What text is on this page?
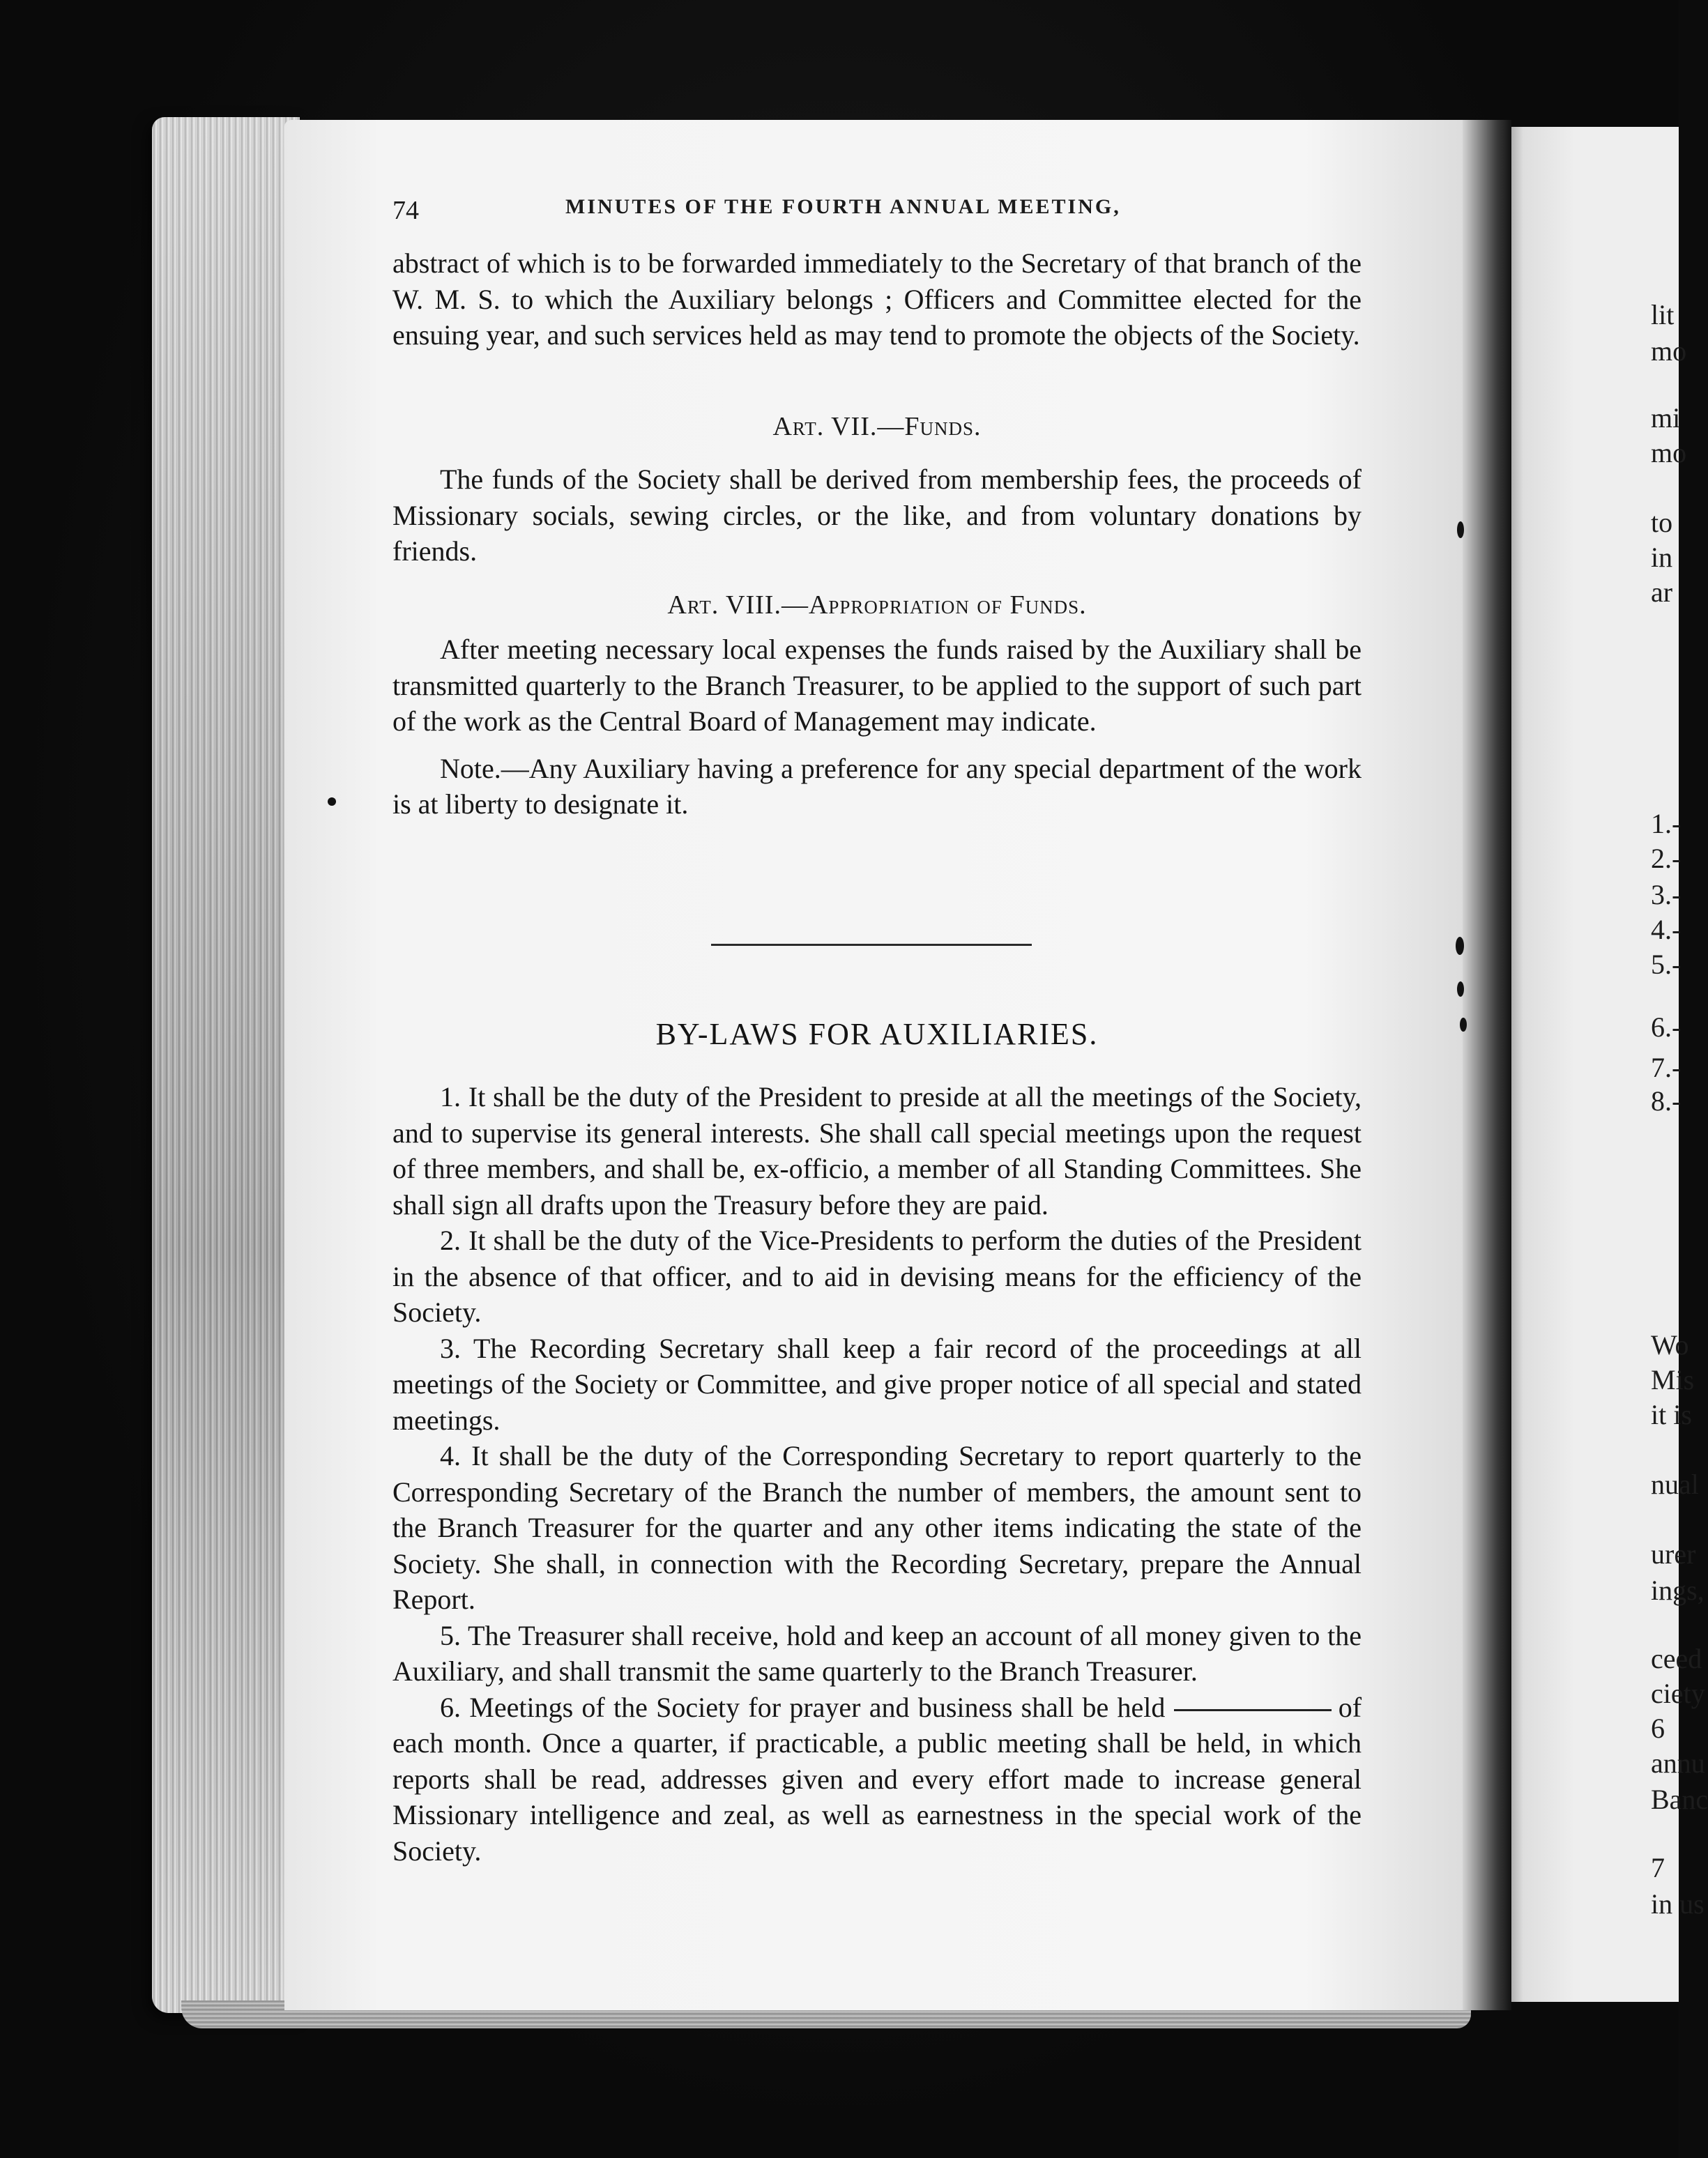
74	MINUTES OF THE FOURTH ANNUAL MEETING,

abstract of which is to be forwarded immediately to the Secretary of that branch of the W. M. S. to which the Auxiliary belongs ; Officers and Committee elected for the ensuing year, and such services held as may tend to promote the objects of the Society.

Art. VII.—Funds.

The funds of the Society shall be derived from membership fees, the proceeds of Missionary socials, sewing circles, or the like, and from voluntary donations by friends.

Art. VIII.—Appropriation of Funds.

After meeting necessary local expenses the funds raised by the Auxiliary shall be transmitted quarterly to the Branch Treasurer, to be applied to the support of such part of the work as the Central Board of Management may indicate.

Note.—Any Auxiliary having a preference for any special department of the work is at liberty to designate it.

BY-LAWS FOR AUXILIARIES.

1. It shall be the duty of the President to preside at all the meetings of the Society, and to supervise its general interests. She shall call special meetings upon the request of three members, and shall be, ex-officio, a member of all Standing Committees. She shall sign all drafts upon the Treasury before they are paid.

2. It shall be the duty of the Vice-Presidents to perform the duties of the President in the absence of that officer, and to aid in devising means for the efficiency of the Society.

3. The Recording Secretary shall keep a fair record of the proceedings at all meetings of the Society or Committee, and give proper notice of all special and stated meetings.

4. It shall be the duty of the Corresponding Secretary to report quarterly to the Corresponding Secretary of the Branch the number of members, the amount sent to the Branch Treasurer for the quarter and any other items indicating the state of the Society. She shall, in connection with the Recording Secretary, prepare the Annual Report.

5. The Treasurer shall receive, hold and keep an account of all money given to the Auxiliary, and shall transmit the same quarterly to the Branch Treasurer.

6. Meetings of the Society for prayer and business shall be held	of each month. Once a quarter, if practicable, a public meeting shall be held, in which reports shall be read, addresses given and every effort made to increase general Missionary intelligence and zeal, as well as earnestness in the special work of the Society.

lit
mo
mi
mo
to
in
ar
1.-
2.-
3.-
4.-
5.-
6.-
7.-
8.-
Wo
Mis
it is
nual
urer
ings,
ceed
ciety
6
annu
Banc
7
in us
